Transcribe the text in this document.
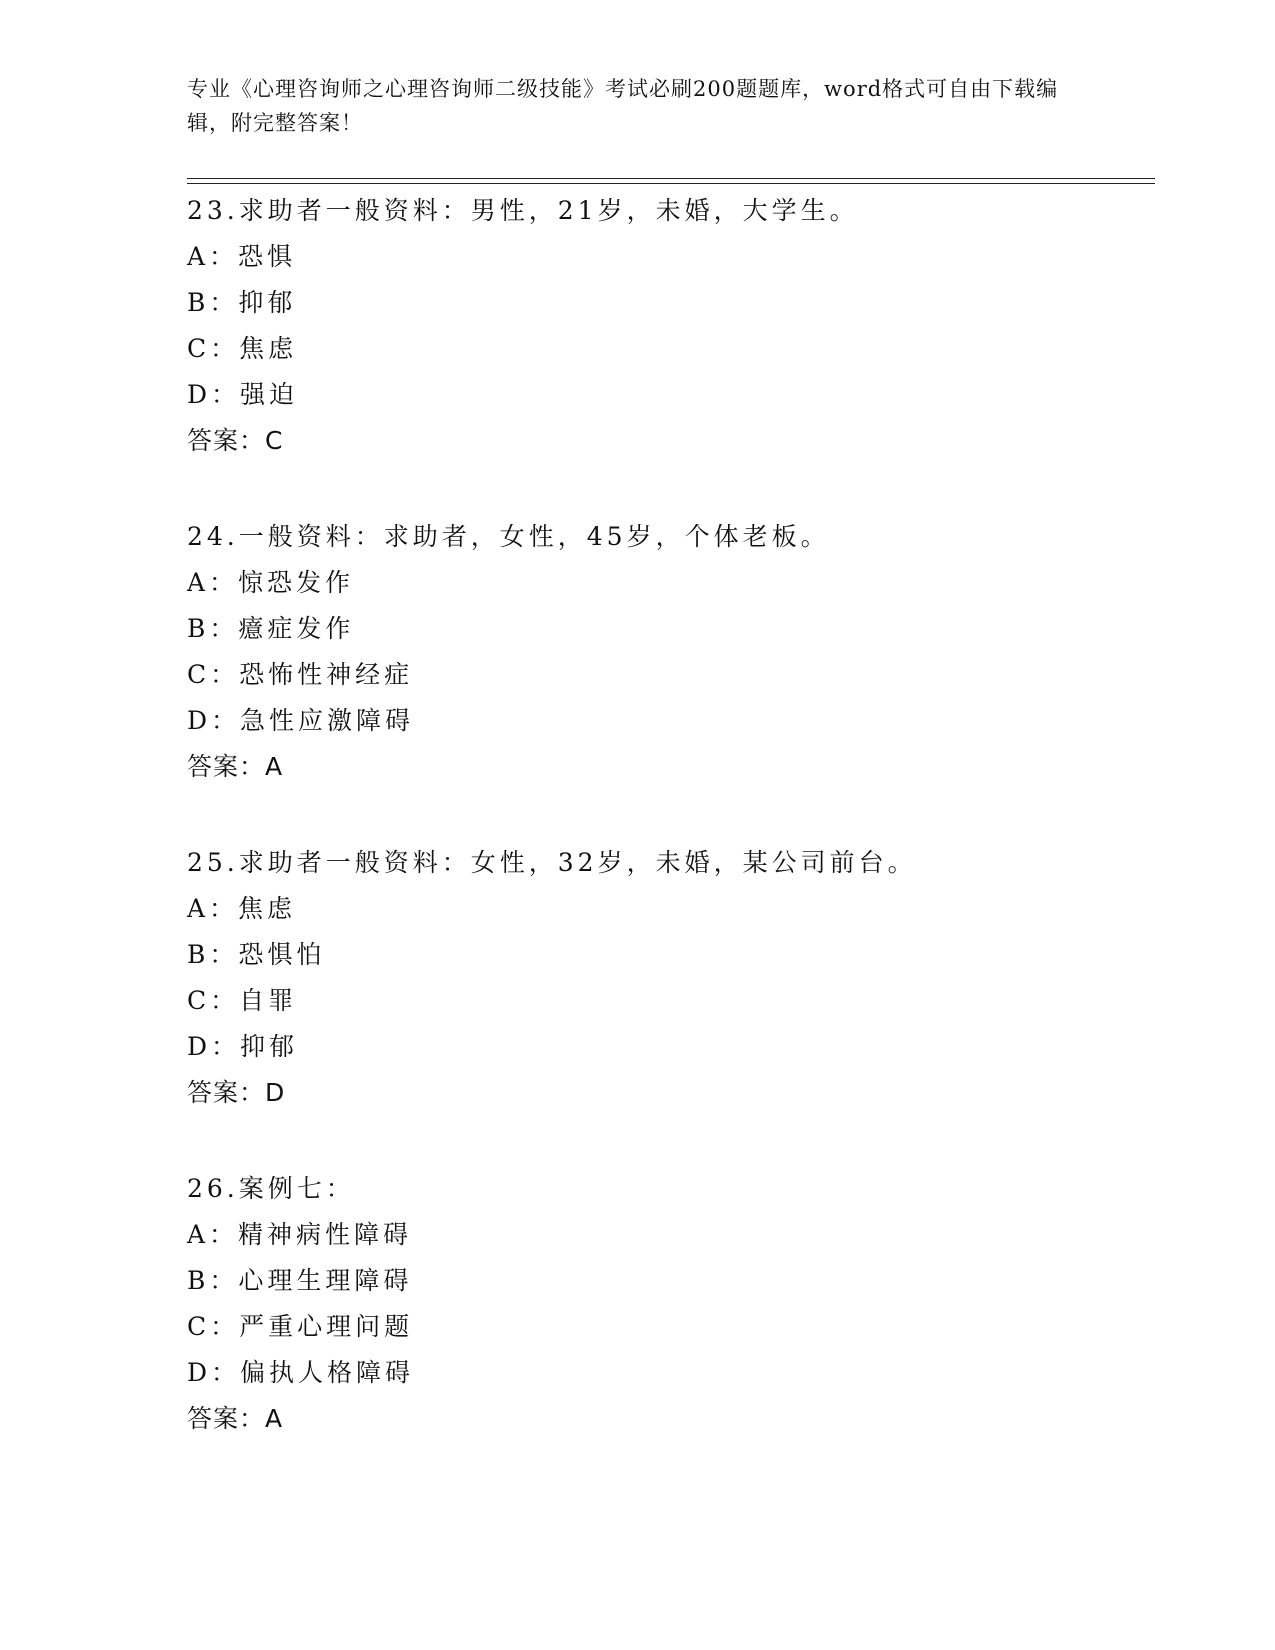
专业《心理咨询师之心理咨询师二级技能》考试必刷200题题库，word格式可自由下载编辑，附完整答案！
23.求助者一般资料：男性，21岁，未婚，大学生。
A：恐惧
B：抑郁
C：焦虑
D：强迫
答案：C
24.一般资料：求助者，女性，45岁，个体老板。
A：惊恐发作
B：癔症发作
C：恐怖性神经症
D：急性应激障碍
答案：A
25.求助者一般资料：女性，32岁，未婚，某公司前台。
A：焦虑
B：恐惧怕
C：自罪
D：抑郁
答案：D
26.案例七：
A：精神病性障碍
B：心理生理障碍
C：严重心理问题
D：偏执人格障碍
答案：A
